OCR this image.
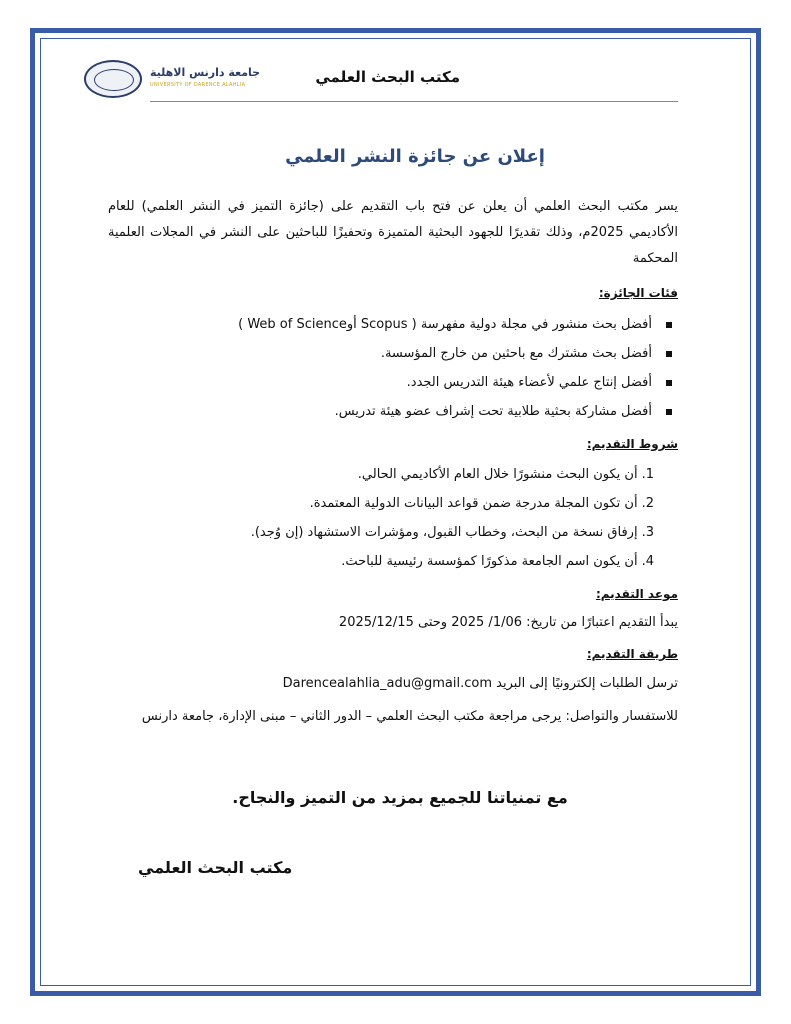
جامعة دارنس الاهلية
UNIVERSITY OF DARENCE ALAHLIA	مكتب البحث العلمي
إعلان عن جائزة النشر العلمي
يسر مكتب البحث العلمي أن يعلن عن فتح باب التقديم على (جائزة التميز في النشر العلمي) للعام الأكاديمي 2025م، وذلك تقديرًا للجهود البحثية المتميزة وتحفيزًا للباحثين على النشر في المجلات العلمية المحكمة
فئات الجائزة:
أفضل بحث منشور في مجلة دولية مفهرسة ( Scopus أوWeb of Science )
أفضل بحث مشترك مع باحثين من خارج المؤسسة.
أفضل إنتاج علمي لأعضاء هيئة التدريس الجدد.
أفضل مشاركة بحثية طلابية تحت إشراف عضو هيئة تدريس.
شروط التقديم:
1.أن يكون البحث منشورًا خلال العام الأكاديمي الحالي.
2.أن تكون المجلة مدرجة ضمن قواعد البيانات الدولية المعتمدة.
3.إرفاق نسخة من البحث، وخطاب القبول، ومؤشرات الاستشهاد (إن وُجد).
4.أن يكون اسم الجامعة مذكورًا كمؤسسة رئيسية للباحث.
موعد التقديم:
يبدأ التقديم اعتبارًا من تاريخ: 1/06/ 2025 وحتى 2025/12/15
طريقة التقديم:
ترسل الطلبات إلكترونيًا إلى البريد Darencealahlia_adu@gmail.com
للاستفسار والتواصل: يرجى مراجعة مكتب البحث العلمي – الدور الثاني – مبنى الإدارة، جامعة دارنس
مع تمنياتنا للجميع بمزيد من التميز والنجاح.
مكتب البحث العلمي
